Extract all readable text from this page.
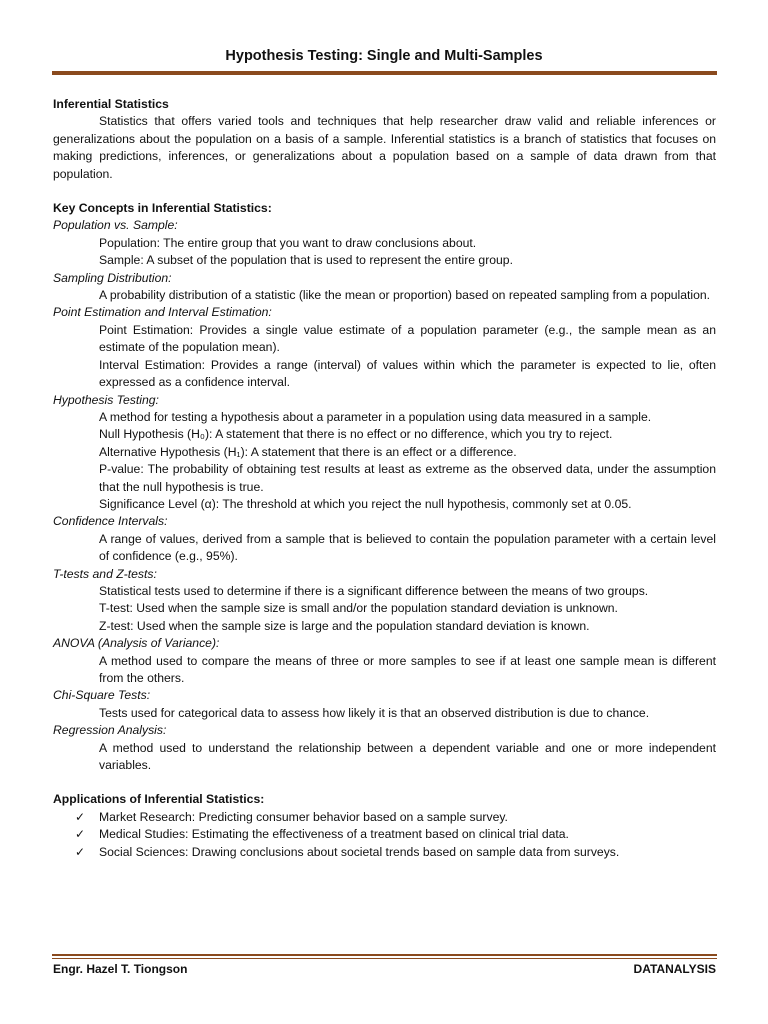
Hypothesis Testing: Single and Multi-Samples
Inferential Statistics
Statistics that offers varied tools and techniques that help researcher draw valid and reliable inferences or generalizations about the population on a basis of a sample. Inferential statistics is a branch of statistics that focuses on making predictions, inferences, or generalizations about a population based on a sample of data drawn from that population.
Key Concepts in Inferential Statistics:
Population vs. Sample:
Population: The entire group that you want to draw conclusions about.
Sample: A subset of the population that is used to represent the entire group.
Sampling Distribution:
A probability distribution of a statistic (like the mean or proportion) based on repeated sampling from a population.
Point Estimation and Interval Estimation:
Point Estimation: Provides a single value estimate of a population parameter (e.g., the sample mean as an estimate of the population mean).
Interval Estimation: Provides a range (interval) of values within which the parameter is expected to lie, often expressed as a confidence interval.
Hypothesis Testing:
A method for testing a hypothesis about a parameter in a population using data measured in a sample.
Null Hypothesis (H₀): A statement that there is no effect or no difference, which you try to reject.
Alternative Hypothesis (H₁): A statement that there is an effect or a difference.
P-value: The probability of obtaining test results at least as extreme as the observed data, under the assumption that the null hypothesis is true.
Significance Level (α): The threshold at which you reject the null hypothesis, commonly set at 0.05.
Confidence Intervals:
A range of values, derived from a sample that is believed to contain the population parameter with a certain level of confidence (e.g., 95%).
T-tests and Z-tests:
Statistical tests used to determine if there is a significant difference between the means of two groups.
T-test: Used when the sample size is small and/or the population standard deviation is unknown.
Z-test: Used when the sample size is large and the population standard deviation is known.
ANOVA (Analysis of Variance):
A method used to compare the means of three or more samples to see if at least one sample mean is different from the others.
Chi-Square Tests:
Tests used for categorical data to assess how likely it is that an observed distribution is due to chance.
Regression Analysis:
A method used to understand the relationship between a dependent variable and one or more independent variables.
Applications of Inferential Statistics:
✓	Market Research: Predicting consumer behavior based on a sample survey.
✓	Medical Studies: Estimating the effectiveness of a treatment based on clinical trial data.
✓	Social Sciences: Drawing conclusions about societal trends based on sample data from surveys.
Engr. Hazel T. Tiongson	DATANALYSIS
